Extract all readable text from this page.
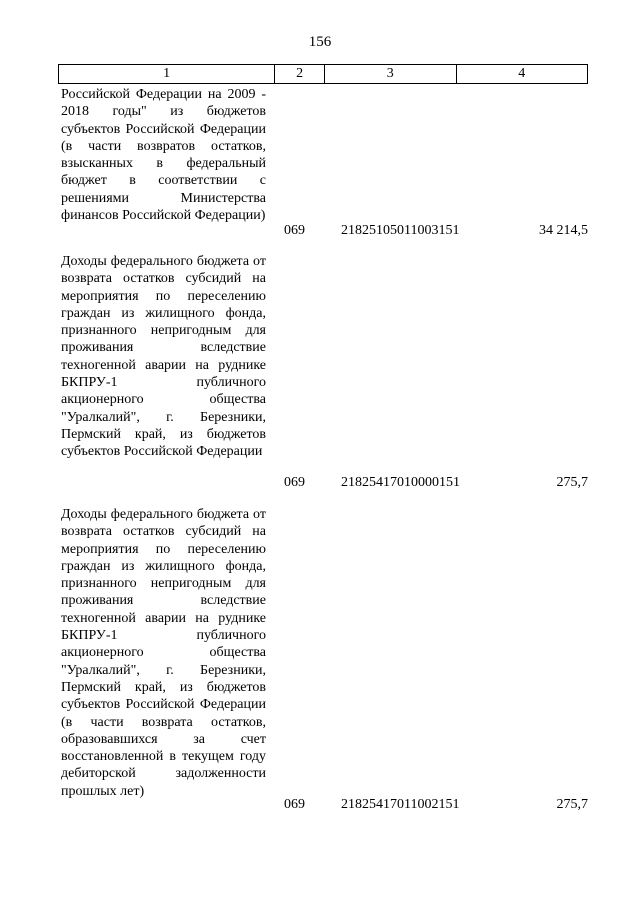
156
1	2	3	4
Российской Федерации на 2009 - 2018 годы" из бюджетов субъектов Российской Федерации (в части возвратов остатков, взысканных в федеральный бюджет в соответствии с решениями Министерства финансов Российской Федерации)
069	21825105011003151	34 214,5
Доходы федерального бюджета от возврата остатков субсидий на мероприятия по переселению граждан из жилищного фонда, признанного непригодным для проживания вследствие техногенной аварии на руднике БКПРУ-1 публичного акционерного общества "Уралкалий", г. Березники, Пермский край, из бюджетов субъектов Российской Федерации
069	21825417010000151	275,7
Доходы федерального бюджета от возврата остатков субсидий на мероприятия по переселению граждан из жилищного фонда, признанного непригодным для проживания вследствие техногенной аварии на руднике БКПРУ-1 публичного акционерного общества "Уралкалий", г. Березники, Пермский край, из бюджетов субъектов Российской Федерации (в части возврата остатков, образовавшихся за счет восстановленной в текущем году дебиторской задолженности прошлых лет)
069	21825417011002151	275,7
